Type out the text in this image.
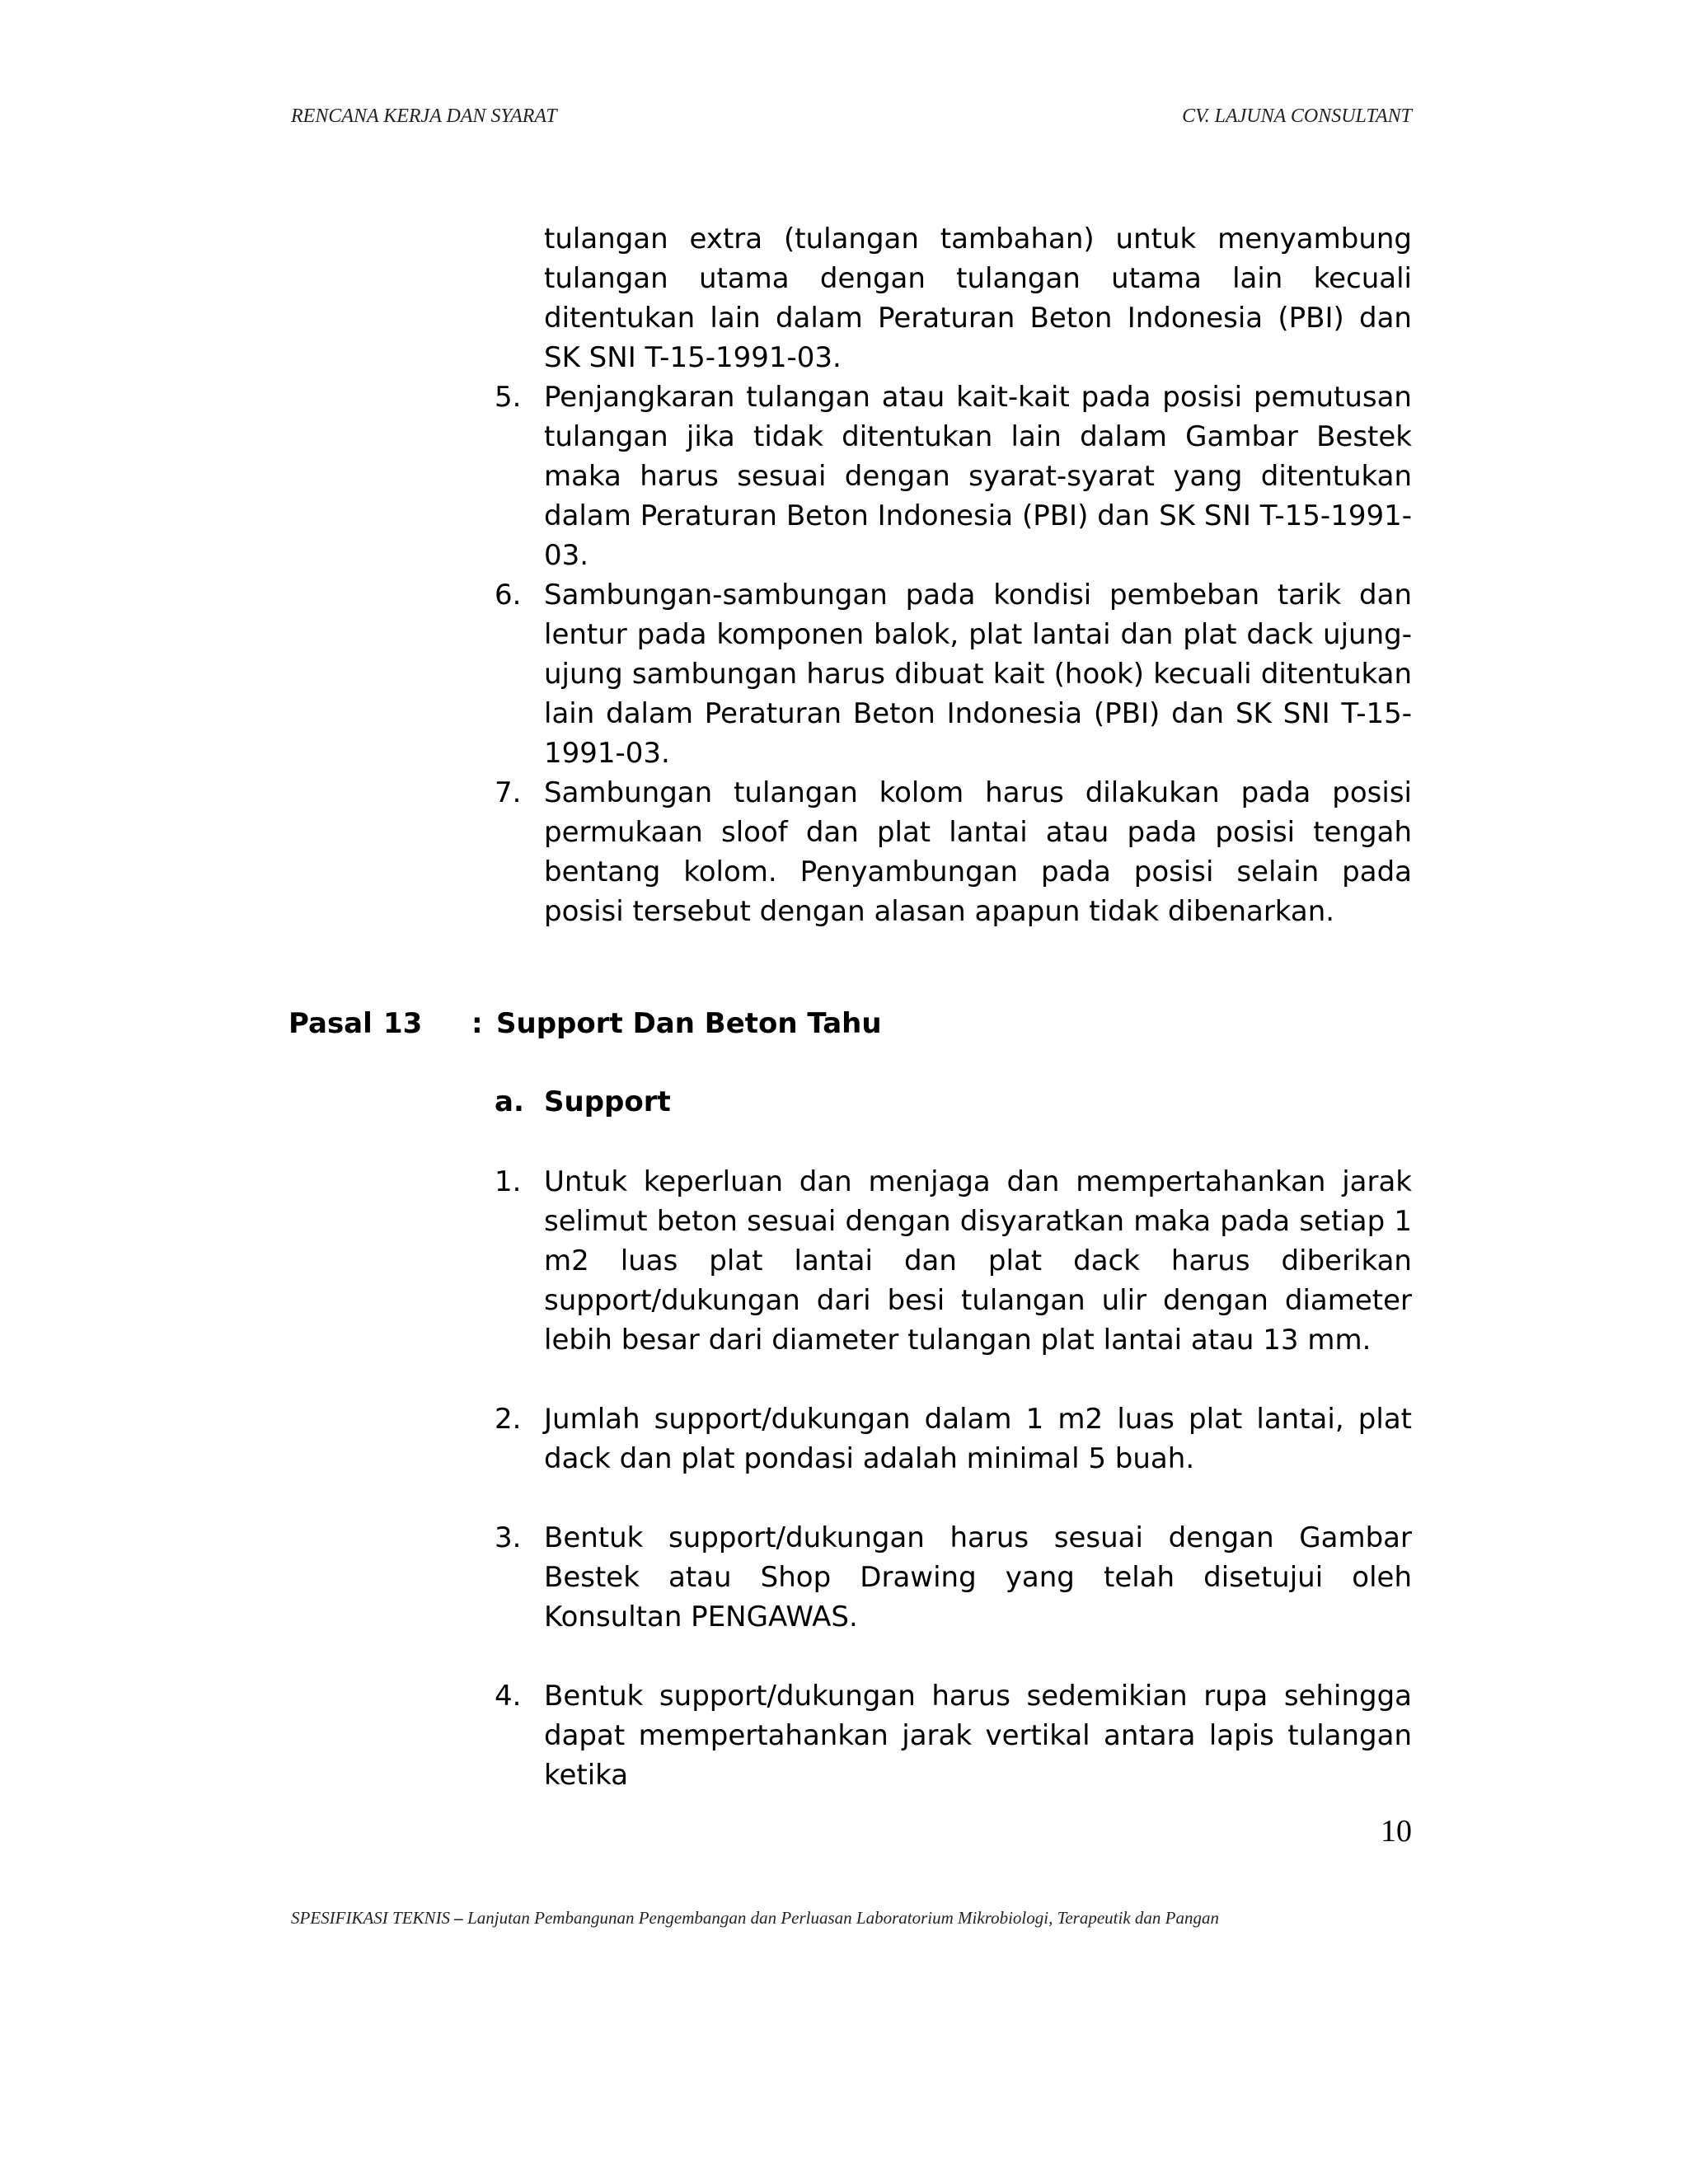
RENCANA KERJA DAN SYARAT	CV. LAJUNA CONSULTANT
tulangan extra (tulangan tambahan) untuk menyambung tulangan utama dengan tulangan utama lain kecuali ditentukan lain dalam Peraturan Beton Indonesia (PBI) dan SK SNI T-15-1991-03.
5. Penjangkaran tulangan atau kait-kait pada posisi pemutusan tulangan jika tidak ditentukan lain dalam Gambar Bestek maka harus sesuai dengan syarat-syarat yang ditentukan dalam Peraturan Beton Indonesia (PBI) dan SK SNI T-15-1991-03.
6. Sambungan-sambungan pada kondisi pembeban tarik dan lentur pada komponen balok, plat lantai dan plat dack ujung-ujung sambungan harus dibuat kait (hook) kecuali ditentukan lain dalam Peraturan Beton Indonesia (PBI) dan SK SNI T-15-1991-03.
7. Sambungan tulangan kolom harus dilakukan pada posisi permukaan sloof dan plat lantai atau pada posisi tengah bentang kolom. Penyambungan pada posisi selain pada posisi tersebut dengan alasan apapun tidak dibenarkan.
Pasal 13 : Support Dan Beton Tahu
a. Support
1. Untuk keperluan dan menjaga dan mempertahankan jarak selimut beton sesuai dengan disyaratkan maka pada setiap 1 m2 luas plat lantai dan plat dack harus diberikan support/dukungan dari besi tulangan ulir dengan diameter lebih besar dari diameter tulangan plat lantai atau 13 mm.
2. Jumlah support/dukungan dalam 1 m2 luas plat lantai, plat dack dan plat pondasi adalah minimal 5 buah.
3. Bentuk support/dukungan harus sesuai dengan Gambar Bestek atau Shop Drawing yang telah disetujui oleh Konsultan PENGAWAS.
4. Bentuk support/dukungan harus sedemikian rupa sehingga dapat mempertahankan jarak vertikal antara lapis tulangan ketika
10
SPESIFIKASI TEKNIS – Lanjutan Pembangunan Pengembangan dan Perluasan Laboratorium Mikrobiologi, Terapeutik dan Pangan
